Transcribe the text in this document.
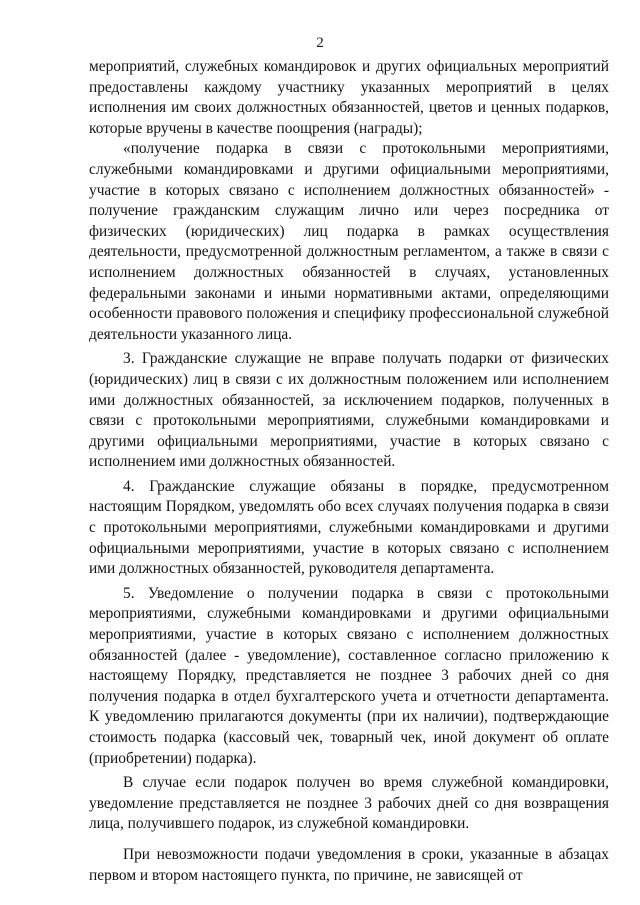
2

мероприятий, служебных командировок и других официальных мероприятий предоставлены каждому участнику указанных мероприятий в целях исполнения им своих должностных обязанностей, цветов и ценных подарков, которые вручены в качестве поощрения (награды);

«получение подарка в связи с протокольными мероприятиями, служебными командировками и другими официальными мероприятиями, участие в которых связано с исполнением должностных обязанностей» - получение гражданским служащим лично или через посредника от физических (юридических) лиц подарка в рамках осуществления деятельности, предусмотренной должностным регламентом, а также в связи с исполнением должностных обязанностей в случаях, установленных федеральными законами и иными нормативными актами, определяющими особенности правового положения и специфику профессиональной служебной деятельности указанного лица.

3. Гражданские служащие не вправе получать подарки от физических (юридических) лиц в связи с их должностным положением или исполнением ими должностных обязанностей, за исключением подарков, полученных в связи с протокольными мероприятиями, служебными командировками и другими официальными мероприятиями, участие в которых связано с исполнением ими должностных обязанностей.

4. Гражданские служащие обязаны в порядке, предусмотренном настоящим Порядком, уведомлять обо всех случаях получения подарка в связи с протокольными мероприятиями, служебными командировками и другими официальными мероприятиями, участие в которых связано с исполнением ими должностных обязанностей, руководителя департамента.

5. Уведомление о получении подарка в связи с протокольными мероприятиями, служебными командировками и другими официальными мероприятиями, участие в которых связано с исполнением должностных обязанностей (далее - уведомление), составленное согласно приложению к настоящему Порядку, представляется не позднее 3 рабочих дней со дня получения подарка в отдел бухгалтерского учета и отчетности департамента. К уведомлению прилагаются документы (при их наличии), подтверждающие стоимость подарка (кассовый чек, товарный чек, иной документ об оплате (приобретении) подарка).

В случае если подарок получен во время служебной командировки, уведомление представляется не позднее 3 рабочих дней со дня возвращения лица, получившего подарок, из служебной командировки.

При невозможности подачи уведомления в сроки, указанные в абзацах первом и втором настоящего пункта, по причине, не зависящей от
